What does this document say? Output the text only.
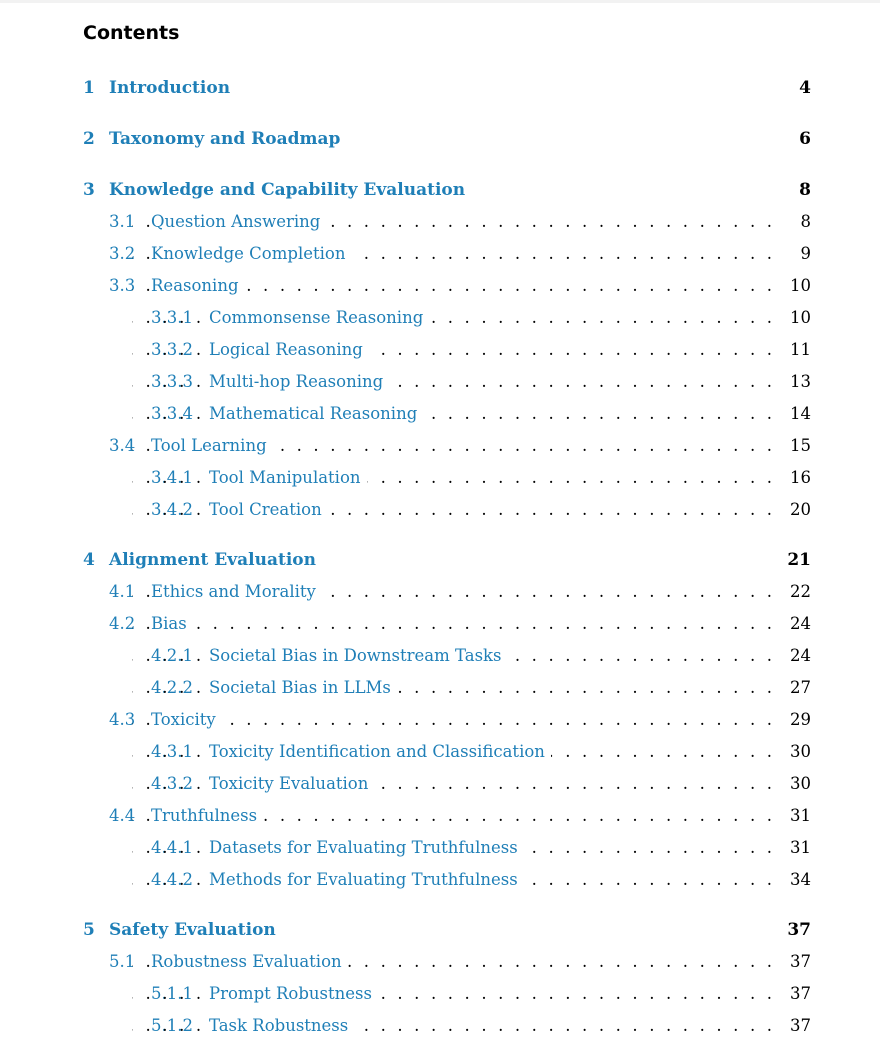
Contents
1 Introduction	4
2 Taxonomy and Roadmap	6
3 Knowledge and Capability Evaluation	8
3.1 Question Answering . . .	8
3.2 Knowledge Completion . . .	9
3.3 Reasoning . . .	10
3.3.1 Commonsense Reasoning . . .	10
3.3.2 Logical Reasoning . . .	11
3.3.3 Multi-hop Reasoning . . .	13
3.3.4 Mathematical Reasoning . . .	14
3.4 Tool Learning . . .	15
3.4.1 Tool Manipulation . . .	16
3.4.2 Tool Creation . . .	20
4 Alignment Evaluation	21
4.1 Ethics and Morality . . .	22
4.2 Bias . . .	24
4.2.1 Societal Bias in Downstream Tasks . . .	24
4.2.2 Societal Bias in LLMs . . .	27
4.3 Toxicity . . .	29
4.3.1 Toxicity Identification and Classification . . .	30
4.3.2 Toxicity Evaluation . . .	30
4.4 Truthfulness . . .	31
4.4.1 Datasets for Evaluating Truthfulness . . .	31
4.4.2 Methods for Evaluating Truthfulness . . .	34
5 Safety Evaluation	37
5.1 Robustness Evaluation . . .	37
5.1.1 Prompt Robustness . . .	37
5.1.2 Task Robustness . . .	37
